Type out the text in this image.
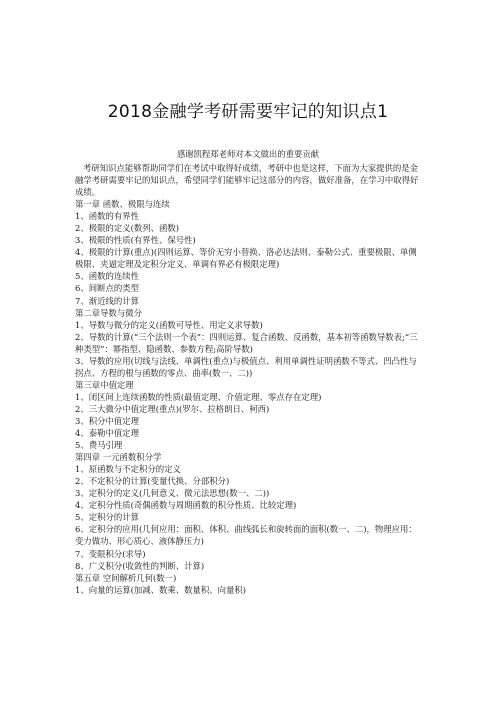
2018金融学考研需要牢记的知识点1
感谢凯程郑老师对本文做出的重要贡献

考研知识点能够帮助同学们在考试中取得好成绩，考研中也是这样，下面为大家提供的是金融学考研需要牢记的知识点，希望同学们能够牢记这部分的内容，做好准备，在学习中取得好成绩。

第一章 函数、极限与连续

1、函数的有界性

2、极限的定义(数列、函数)

3、极限的性质(有界性、保号性)

4、极限的计算(重点)(四则运算、等价无穷小替换、洛必达法则、泰勒公式、重要极限、单侧极限、夹逼定理及定积分定义、单调有界必有极限定理)

5、函数的连续性

6、间断点的类型

7、渐近线的计算

第二章导数与微分

1、导数与微分的定义(函数可导性、用定义求导数)

2、导数的计算(“三个法则一个表”：四则运算、复合函数、反函数，基本初等函数导数表;“三种类型”：幂指型、隐函数、参数方程;高阶导数)

3、导数的应用(切线与法线、单调性(重点)与极值点、利用单调性证明函数不等式、凹凸性与拐点、方程的根与函数的零点、曲率(数一、二))

第三章中值定理

1、闭区间上连续函数的性质(最值定理、介值定理、零点存在定理)

2、三大微分中值定理(重点)(罗尔、拉格朗日、柯西)

3、积分中值定理

4、泰勒中值定理

5、费马引理

第四章 一元函数积分学

1、原函数与不定积分的定义

2、不定积分的计算(变量代换、分部积分)

3、定积分的定义(几何意义、微元法思想(数一、二))

4、定积分性质(奇偶函数与周期函数的积分性质、比较定理)

5、定积分的计算

6、定积分的应用(几何应用：面积、体积、曲线弧长和旋转面的面积(数一、二)，物理应用：变力做功、形心质心、液体静压力)

7、变限积分(求导)

8、广义积分(收敛性的判断、计算)

第五章 空间解析几何(数一)

1、向量的运算(加减、数乘、数量积、向量积)
